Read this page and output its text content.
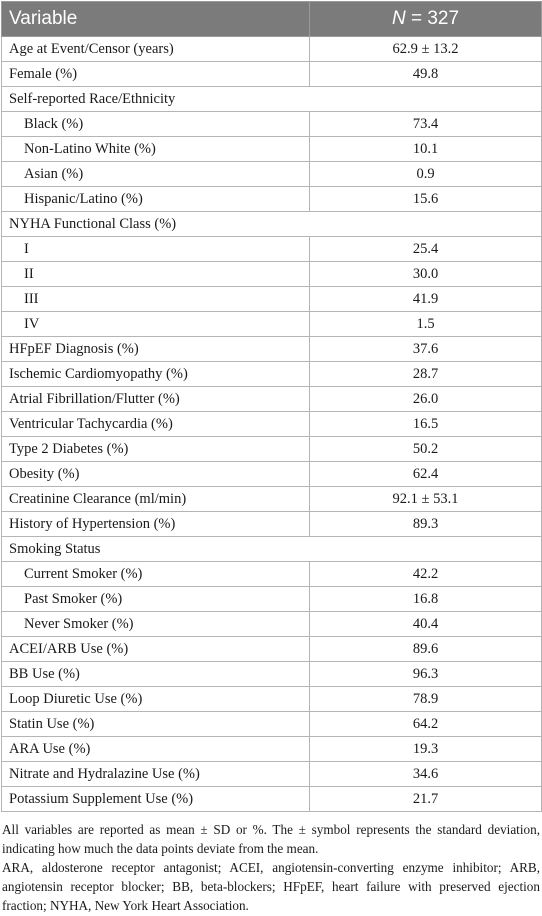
Variable	N = 327
Age at Event/Censor (years)	62.9 ± 13.2
Female (%)	49.8
Self-reported Race/Ethnicity	
Black (%)	73.4
Non-Latino White (%)	10.1
Asian (%)	0.9
Hispanic/Latino (%)	15.6
NYHA Functional Class (%)	
I	25.4
II	30.0
III	41.9
IV	1.5
HFpEF Diagnosis (%)	37.6
Ischemic Cardiomyopathy (%)	28.7
Atrial Fibrillation/Flutter (%)	26.0
Ventricular Tachycardia (%)	16.5
Type 2 Diabetes (%)	50.2
Obesity (%)	62.4
Creatinine Clearance (ml/min)	92.1 ± 53.1
History of Hypertension (%)	89.3
Smoking Status	
Current Smoker (%)	42.2
Past Smoker (%)	16.8
Never Smoker (%)	40.4
ACEI/ARB Use (%)	89.6
BB Use (%)	96.3
Loop Diuretic Use (%)	78.9
Statin Use (%)	64.2
ARA Use (%)	19.3
Nitrate and Hydralazine Use (%)	34.6
Potassium Supplement Use (%)	21.7

All variables are reported as mean ± SD or %. The ± symbol represents the standard deviation, indicating how much the data points deviate from the mean.

ARA, aldosterone receptor antagonist; ACEI, angiotensin-converting enzyme inhibitor; ARB, angiotensin receptor blocker; BB, beta-blockers; HFpEF, heart failure with preserved ejection fraction; NYHA, New York Heart Association.
